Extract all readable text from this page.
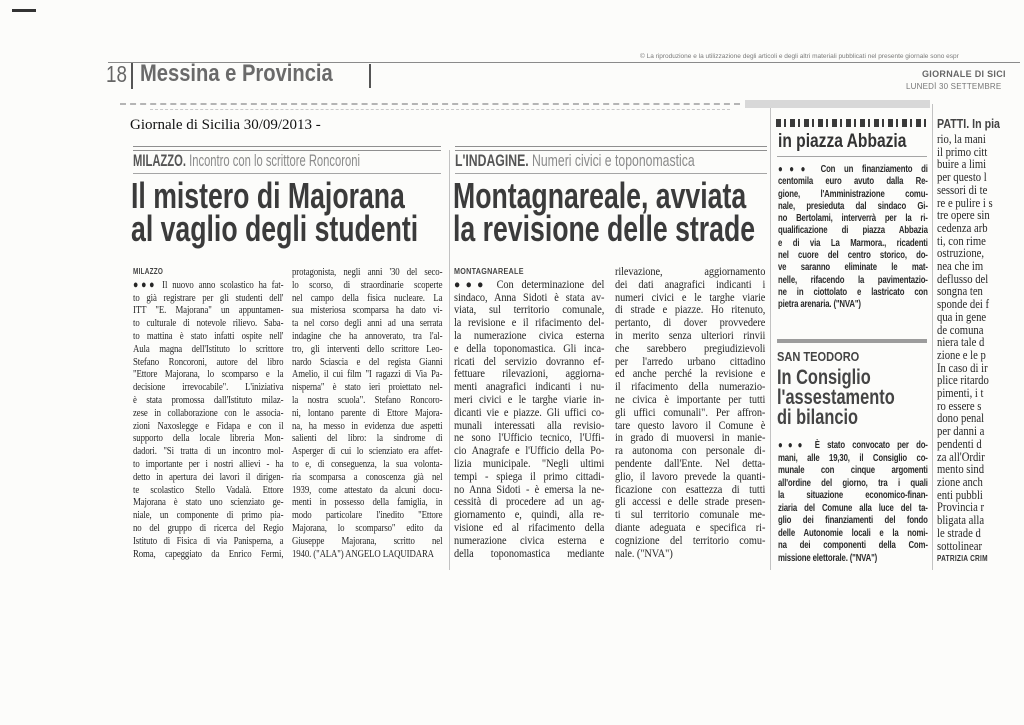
© La riproduzione e la utilizzazione degli articoli e degli altri materiali pubblicati nel presente giornale sono espr
18 Messina e Provincia	GIORNALE DI SICI
LUNEDÌ 30 SETTEMBRE
Giornale di Sicilia 30/09/2013 -
MILAZZO. Incontro con lo scrittore Roncoroni
Il mistero di Majorana
al vaglio degli studenti
MILAZZO
●●● Il nuovo anno scolastico ha fat-
to già registrare per gli studenti dell'
ITT "E. Majorana" un appuntamen-
to culturale di notevole rilievo. Saba-
to mattina è stato infatti ospite nell'
Aula magna dell'Istituto lo scrittore
Stefano Roncoroni, autore del libro
"Ettore Majorana, lo scomparso e la
decisione irrevocabile". L'iniziativa
è stata promossa dall'Istituto milaz-
zese in collaborazione con le associa-
zioni Naxoslegge e Fidapa e con il
supporto della locale libreria Mon-
dadori. "Si tratta di un incontro mol-
to importante per i nostri allievi - ha
detto in apertura dei lavori il dirigen-
te scolastico Stello Vadalà. Ettore
Majorana è stato uno scienziato ge-
niale, un componente di primo pia-
no del gruppo di ricerca del Regio
Istituto di Fisica di via Panisperna, a
Roma, capeggiato da Enrico Fermi,
protagonista, negli anni '30 del seco-
lo scorso, di straordinarie scoperte
nel campo della fisica nucleare. La
sua misteriosa scomparsa ha dato vi-
ta nel corso degli anni ad una serrata
indagine che ha annoverato, tra l'al-
tro, gli interventi dello scrittore Leo-
nardo Sciascia e del regista Gianni
Amelio, il cui film "I ragazzi di Via Pa-
nisperna" è stato ieri proiettato nel-
la nostra scuola". Stefano Roncoro-
ni, lontano parente di Ettore Majora-
na, ha messo in evidenza due aspetti
salienti del libro: la sindrome di
Asperger di cui lo scienziato era affet-
to e, di conseguenza, la sua volonta-
ria scomparsa a conoscenza già nel
1939, come attestato da alcuni docu-
menti in possesso della famiglia, in
modo particolare l'inedito "Ettore
Majorana, lo scomparso" edito da
Giuseppe Majorana, scritto nel
1940. ("ALA") ANGELO LAQUIDARA
L'INDAGINE. Numeri civici e toponomastica
Montagnareale, avviata
la revisione delle strade
MONTAGNAREALE
●●● Con determinazione del
sindaco, Anna Sidoti è stata av-
viata, sul territorio comunale,
la revisione e il rifacimento del-
la numerazione civica esterna
e della toponomastica. Gli inca-
ricati del servizio dovranno ef-
fettuare rilevazioni, aggiorna-
menti anagrafici indicanti i nu-
meri civici e le targhe viarie in-
dicanti vie e piazze. Gli uffici co-
munali interessati alla revisio-
ne sono l'Ufficio tecnico, l'Uffi-
cio Anagrafe e l'Ufficio della Po-
lizia municipale. "Negli ultimi
tempi - spiega il primo cittadi-
no Anna Sidoti - è emersa la ne-
cessità di procedere ad un ag-
giornamento e, quindi, alla re-
visione ed al rifacimento della
numerazione civica esterna e
della toponomastica mediante
rilevazione, aggiornamento
dei dati anagrafici indicanti i
numeri civici e le targhe viarie
di strade e piazze. Ho ritenuto,
pertanto, di dover provvedere
in merito senza ulteriori rinvii
che sarebbero pregiudizievoli
per l'arredo urbano cittadino
ed anche perché la revisione e
il rifacimento della numerazio-
ne civica è importante per tutti
gli uffici comunali". Per affron-
tare questo lavoro il Comune è
in grado di muoversi in manie-
ra autonoma con personale di-
pendente dall'Ente. Nel detta-
glio, il lavoro prevede la quanti-
ficazione con esattezza di tutti
gli accessi e delle strade presen-
ti sul territorio comunale me-
diante adeguata e specifica ri-
cognizione del territorio comu-
nale. ("NVA")
in piazza Abbazia
●●● Con un finanziamento di
centomila euro avuto dalla Re-
gione, l'Amministrazione comu-
nale, presieduta dal sindaco Gi-
no Bertolami, interverrà per la ri-
qualificazione di piazza Abbazia
e di via La Marmora., ricadenti
nel cuore del centro storico, do-
ve saranno eliminate le mat-
nelle, rifacendo la pavimentazio-
ne in ciottolato e lastricato con
pietra arenaria. ("NVA")
SAN TEODORO
In Consiglio
l'assestamento
di bilancio
●●● È stato convocato per do-
mani, alle 19,30, il Consiglio co-
munale con cinque argomenti
all'ordine del giorno, tra i quali
la situazione economico-finan-
ziaria del Comune alla luce del ta-
glio dei finanziamenti del fondo
delle Autonomie locali e la nomi-
na dei componenti della Com-
missione elettorale. ("NVA")
PATTI. In pia
rio, la mani
il primo citt
buire a limi
per questo l
sessori di te
re e pulire i s
tre opere sin
cedenza arb
ti, con rime
ostruzione,
nea che im
deflusso del
songna ten
sponde dei f
qua in gene
de comuna
niera tale d
zione e le p
In caso di ir
plice ritardo
pimenti, i t
ro essere s
dono penal
per danni a
pendenti d
za all'Ordir
mento sind
zione anch
enti pubbli
Provincia r
bligata alla
le strade d
sottolinear
PATRIZIA CRIM
